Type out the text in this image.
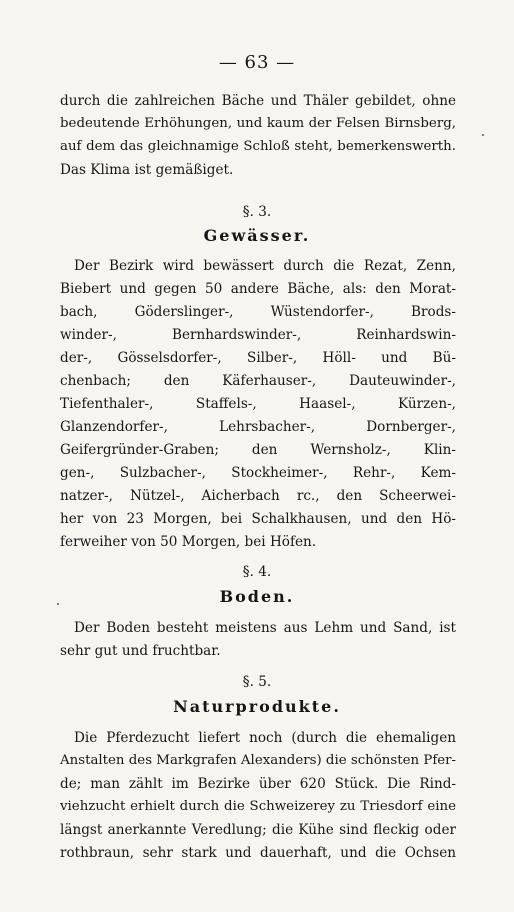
— 63 —
durch die zahlreichen Bäche und Thäler gebildet, ohne
bedeutende Erhöhungen, und kaum der Felsen Birnsberg,
auf dem das gleichnamige Schloß steht, bemerkenswerth.
Das Klima ist gemäßiget.
§. 3.
Gewässer.
Der Bezirk wird bewässert durch die Rezat, Zenn,
Biebert und gegen 50 andere Bäche, als: den Morat-
bach, Göderslinger-, Wüstendorfer-, Brods-
winder-, Bernhardswinder-, Reinhardswin-
der-, Gösselsdorfer-, Silber-, Höll- und Bü-
chenbach; den Käferhauser-, Dauteuwinder-,
Tiefenthaler-, Staffels-, Haasel-, Kürzen-,
Glanzendorfer-, Lehrsbacher-, Dornberger-,
Geifergründer-Graben; den Wernsholz-, Klin-
gen-, Sulzbacher-, Stockheimer-, Rehr-, Kem-
natzer-, Nützel-, Aicherbach rc., den Scheerwei-
her von 23 Morgen, bei Schalkhausen, und den Hö-
ferweiher von 50 Morgen, bei Höfen.
§. 4.
Boden.
Der Boden besteht meistens aus Lehm und Sand, ist
sehr gut und fruchtbar.
§. 5.
Naturprodukte.
Die Pferdezucht liefert noch (durch die ehemaligen
Anstalten des Markgrafen Alexanders) die schönsten Pfer-
de; man zählt im Bezirke über 620 Stück. Die Rind-
viehzucht erhielt durch die Schweizerey zu Triesdorf eine
längst anerkannte Veredlung; die Kühe sind fleckig oder
rothbraun, sehr stark und dauerhaft, und die Ochsen
